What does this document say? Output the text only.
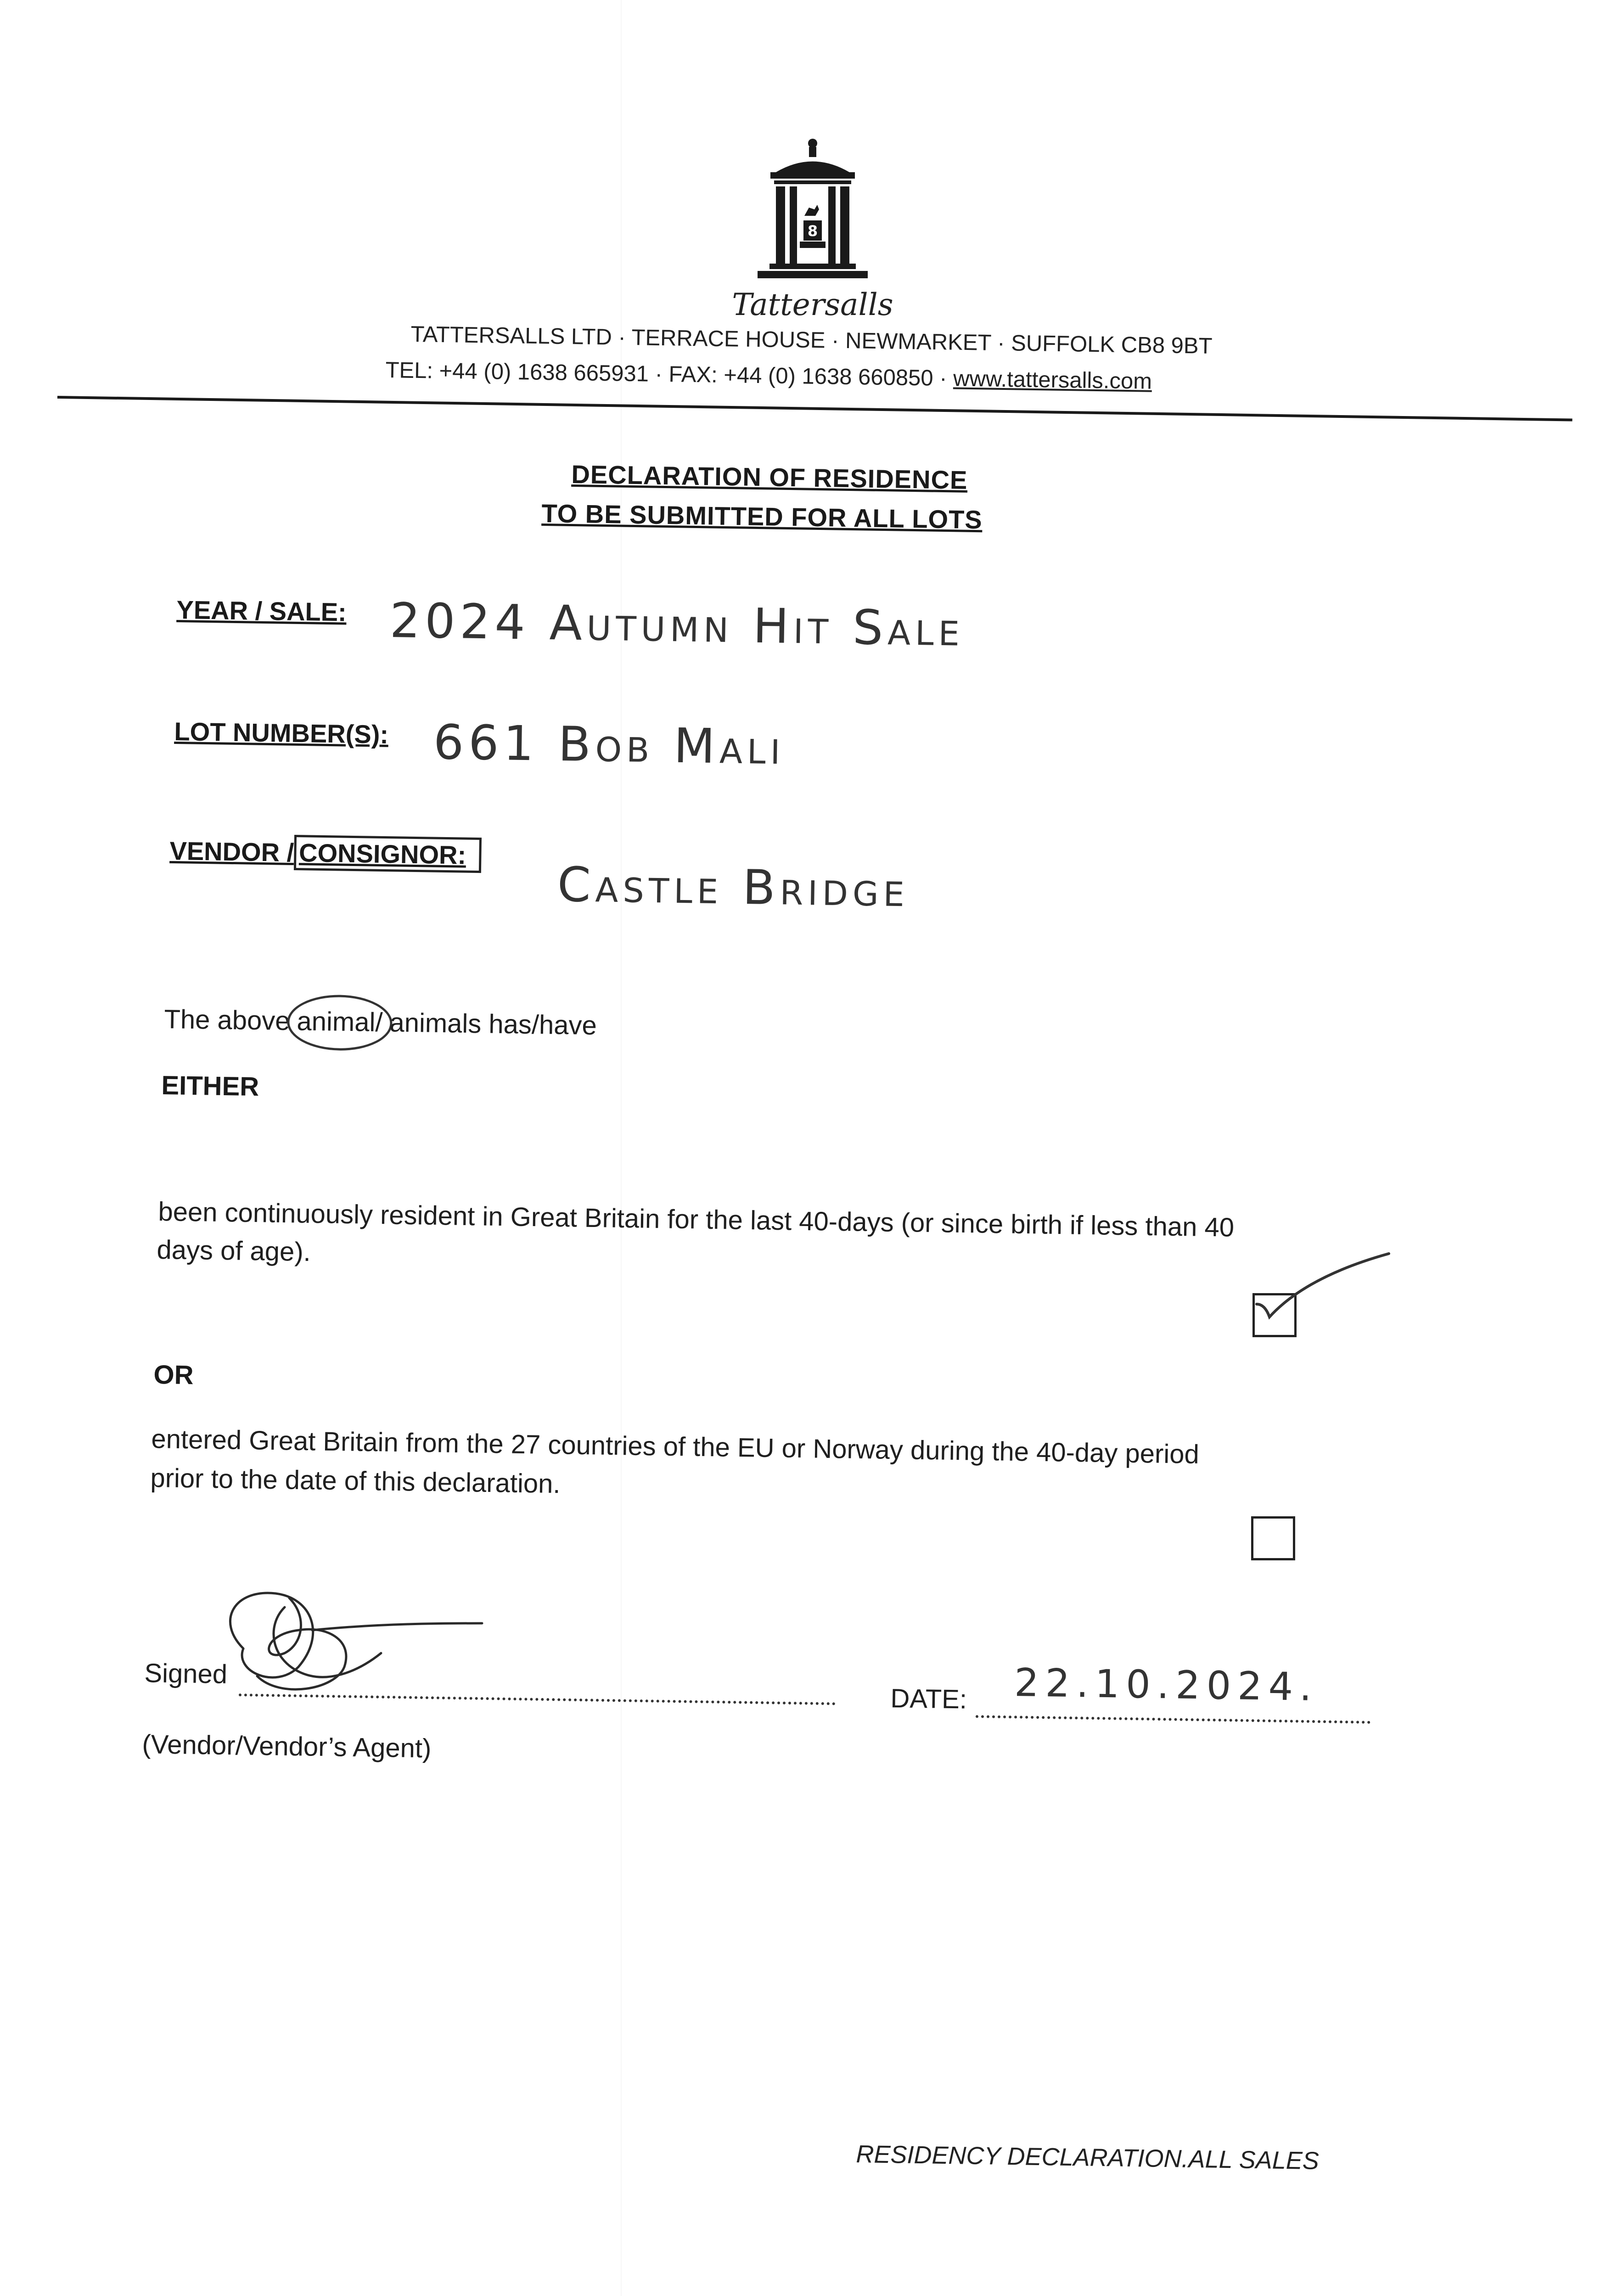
8
Tattersalls
TATTERSALLS LTD · TERRACE HOUSE · NEWMARKET · SUFFOLK CB8 9BT
TEL: +44 (0) 1638 665931 · FAX: +44 (0) 1638 660850 · www.tattersalls.com
DECLARATION OF RESIDENCE
TO BE SUBMITTED FOR ALL LOTS
YEAR / SALE: 2024 Autumn Hit Sale
LOT NUMBER(S): 661 Bob Mali
VENDOR / CONSIGNOR:
Castle Bridge
The above animal/ animals has/have
EITHER
been continuously resident in Great Britain for the last 40-days (or since birth if less than 40
days of age).
OR
entered Great Britain from the 27 countries of the EU or Norway during the 40-day period
prior to the date of this declaration.
Signed
(Vendor/Vendor’s Agent)
DATE: 22.10.2024.
RESIDENCY DECLARATION.ALL SALES
